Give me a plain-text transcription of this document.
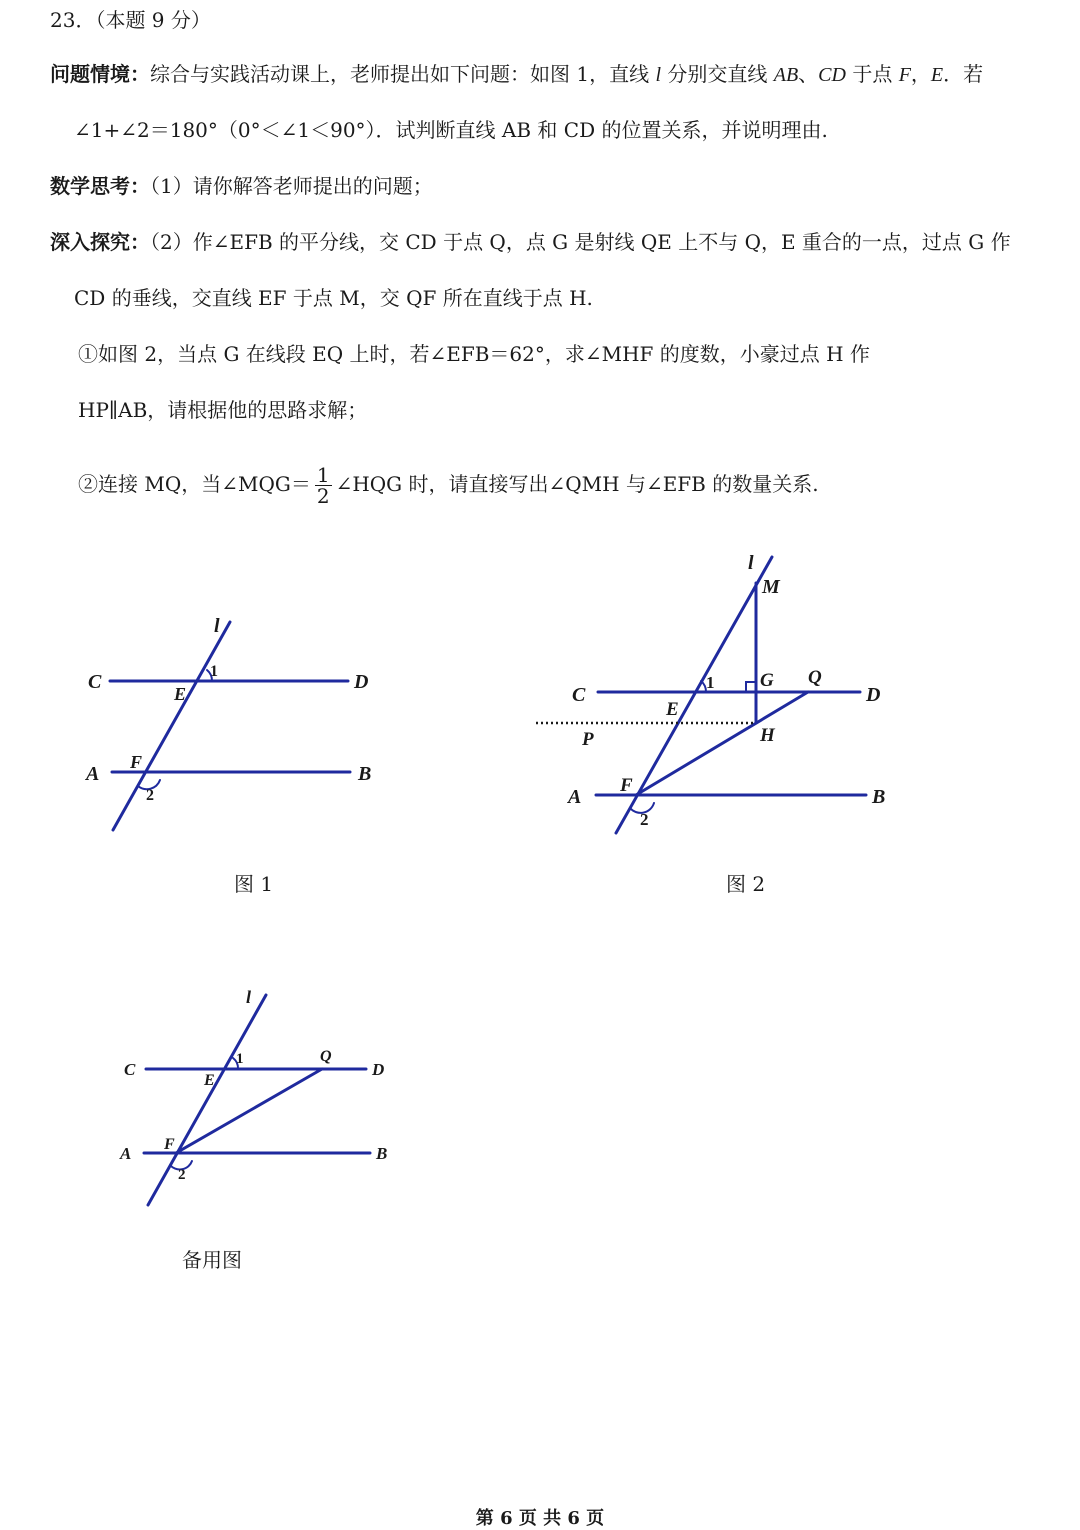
23．（本题 9 分）
问题情境：综合与实践活动课上，老师提出如下问题：如图 1，直线 l 分别交直线 AB、CD 于点 F，E．若
∠1+∠2＝180°（0°＜∠1＜90°）．试判断直线 AB 和 CD 的位置关系，并说明理由.
数学思考：（1）请你解答老师提出的问题；
深入探究：（2）作∠EFB 的平分线，交 CD 于点 Q，点 G 是射线 QE 上不与 Q，E 重合的一点，过点 G 作
CD 的垂线，交直线 EF 于点 M，交 QF 所在直线于点 H.
①如图 2，当点 G 在线段 EQ 上时，若∠EFB＝62°，求∠MHF 的度数，小豪过点 H 作
HP∥AB，请根据他的思路求解；
②连接 MQ，当∠MQG＝ $\frac{1}{2}$ ∠HQG 时，请直接写出∠QMH 与∠EFB 的数量关系.
l
C	D
E
1
A	B
F
2
图 1
l
M
C	D
E
1 G Q
P	H
A	B
F
2
图 2
l
C	D
E
1	Q
A	B
F
2
备用图
第 6 页 共 6 页
